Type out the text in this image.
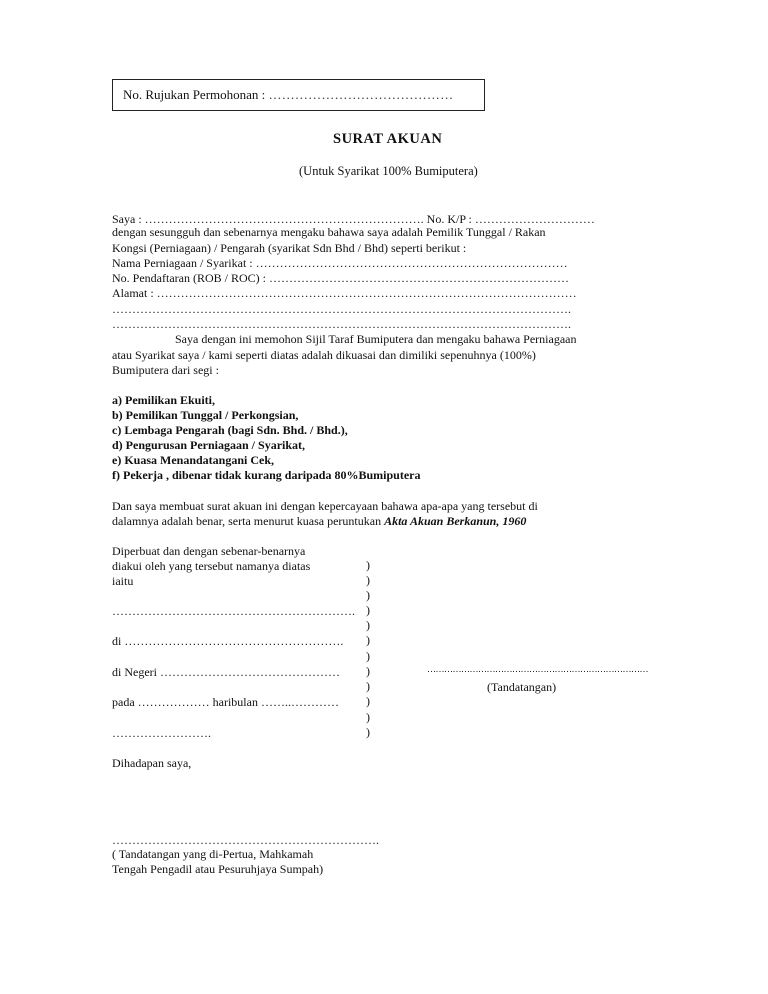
No. Rujukan Permohonan : ……………………………………
SURAT AKUAN
(Untuk Syarikat 100% Bumiputera)
Saya : ……………………………………………………………. No. K/P : …………………………
dengan sesungguh dan sebenarnya mengaku bahawa saya adalah Pemilik Tunggal / Rakan
Kongsi (Perniagaan) / Pengarah (syarikat Sdn Bhd / Bhd) seperti berikut :
Nama Perniagaan / Syarikat : ……………………………………………………………………
No. Pendaftaran (ROB / ROC) : …………………………………………………………………
Alamat : ……………………………………………………………………………………………
…………………………………………………………………………………………………….
…………………………………………………………………………………………………….
Saya dengan ini memohon Sijil Taraf Bumiputera dan mengaku bahawa Perniagaan
atau Syarikat saya / kami seperti diatas adalah dikuasai dan dimiliki sepenuhnya (100%)
Bumiputera dari segi :
a) Pemilikan Ekuiti,
b) Pemilikan Tunggal / Perkongsian,
c) Lembaga Pengarah (bagi Sdn. Bhd. / Bhd.),
d) Pengurusan Perniagaan / Syarikat,
e) Kuasa Menandatangani Cek,
f) Pekerja , dibenar tidak kurang daripada 80%Bumiputera
Dan saya membuat surat akuan ini dengan kepercayaan bahawa apa-apa yang tersebut di
dalamnya adalah benar, serta menurut kuasa peruntukan Akta Akuan Berkanun, 1960
Diperbuat dan dengan sebenar-benarnya
diakui oleh yang tersebut namanya diatas
iaitu
…………………………………………………….
di ……………………………………………….
di Negeri ………………………………………
pada ……………… haribulan ……..…………
…………………….
)
)
)
)
)
)
)
)
)
)
)
)
……………………………………………………………………
(Tandatangan)
Dihadapan saya,
………………………………………………………….
( Tandatangan yang di-Pertua, Mahkamah
Tengah Pengadil atau Pesuruhjaya Sumpah)
